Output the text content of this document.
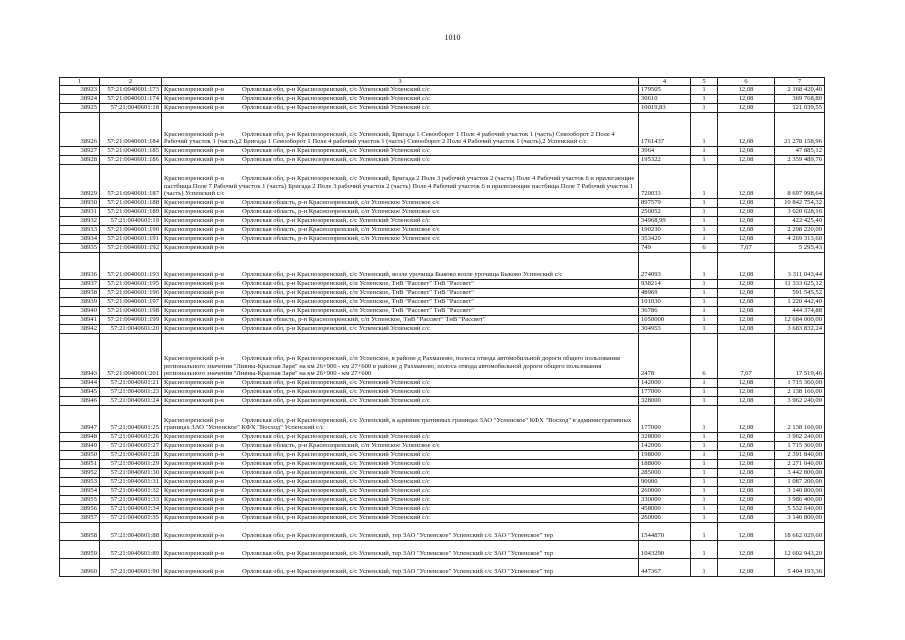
1010
1	2	3	4	5	6	7
38923	57:21:0040601:173	Краснозоренский р-н Орловская обл, р-н Краснозоренский, с/с Успенский Успенский с/с	179505	1	12,08	2 168 420,40
38924	57:21:0040601:174	Краснозоренский р-н Орловская обл, р-н Краснозоренский, с/с Успенский Успенский с/с	30610	1	12,08	369 768,80
38925	57:21:0040601:18	Краснозоренский р-н Орловская обл, р-н Краснозоренский, с/с Успенский Успенский с/с	10019,83	1	12,08	121 039,55
38926	57:21:0040601:184	Краснозоренский р-н Орловская обл, р-н Краснозоренский, с/с Успенский, Бригада 1 Севооборот 1 Поле 4 рабочий участок 1 (часть) Севооборот 2 Поле 4 Рабочий участок 1 (часть),2 Бригада 1 Севооборот 1 Поле 4 рабочий участок 1 (часть) Севооборот 2 Поле 4 Рабочий участок 1 (часть),2 Успенский с/с	1761437	1	12,08	21 278 158,96
38927	57:21:0040601:185	Краснозоренский р-н Орловская обл, р-н Краснозоренский, с/с Успенский Успенский с/с	3964	1	12,08	47 885,12
38928	57:21:0040601:186	Краснозоренский р-н Орловская обл, р-н Краснозоренский, с/с Успенский Успенский с/с	195322	1	12,08	2 359 489,76
38929	57:21:0040601:187	Краснозоренский р-н Орловская обл, р-н Краснозоренский, с/с Успенский, Бригада 2 Поле 3 рабочий участок 2 (часть) Поле 4 Рабочий участок 6 и прилегающие пастбища Поле 7 Рабочий участок 1 (часть) Бригада 2 Поле 3 рабочий участок 2 (часть) Поле 4 Рабочий участок 6 и прилегающие пастбища Поле 7 Рабочий участок 1 (часть) Успенский с/с	720033	1	12,08	8 697 998,64
38930	57:21:0040601:188	Краснозоренский р-н Орловская область, р-н Краснозоренский, с/п Успенское Успенское с/с	897579	1	12,08	10 842 754,32
38931	57:21:0040601:189	Краснозоренский р-н Орловская область, р-н Краснозоренский, с/п Успенское Успенское с/с	250052	1	12,08	3 020 628,16
38932	57:21:0040601:19	Краснозоренский р-н Орловская обл, р-н Краснозоренский, с/с Успенский Успенский с/с	34968,99	1	12,08	422 425,40
38933	57:21:0040601:190	Краснозоренский р-н Орловская область, р-н Краснозоренский, с/п Успенское Успенское с/с	190230	1	12,08	2 298 220,00
38934	57:21:0040601:191	Краснозоренский р-н Орловская область, р-н Краснозоренский, с/п Успенское Успенское с/с	353420	1	12,08	4 269 313,60
38935	57:21:0040601:192	Краснозоренский р-н	749	6	7,07	5 295,43
38936	57:21:0040601:193	Краснозоренский р-н Орловская обл, р-н Краснозоренский, с/с Успенский, возле урочища Быково возле урочища Быково Успенский с/с	274093	1	12,08	3 311 043,44
38937	57:21:0040601:195	Краснозоренский р-н Орловская обл, р-н Краснозоренский, с/п Успенское, ТнВ "Рассвет" ТнВ "Рассвет"	938214	1	12,08	11 333 625,12
38938	57:21:0040601:196	Краснозоренский р-н Орловская обл, р-н Краснозоренский, с/п Успенское, ТнВ "Рассвет" ТнВ "Рассвет"	48969	1	12,08	591 545,52
38939	57:21:0040601:197	Краснозоренский р-н Орловская обл, р-н Краснозоренский, с/п Успенское, ТнВ "Рассвет" ТнВ "Рассвет"	101030	1	12,08	1 220 442,40
38940	57:21:0040601:198	Краснозоренский р-н Орловская обл, р-н Краснозоренский, с/п Успенское, ТнВ "Рассвет" ТнВ "Рассвет"	36786	1	12,08	444 374,88
38941	57:21:0040601:199	Краснозоренский р-н Орловская область, р-н Краснозоренский, с/п Успенское, ТнВ "Рассвет" ТнВ "Рассвет"	1050000	1	12,08	12 684 000,00
38942	57:21:0040601:20	Краснозоренский р-н Орловская обл, р-н Краснозоренский, с/с Успенский Успенский с/с	304953	1	12,08	3 683 832,24
38943	57:21:0040601:201	Краснозоренский р-н Орловская обл, р-н Краснозоренский, с/п Успенское, в районе д Рахманово, полоса отвода автомобильной дороги общего пользования регионального значения "Ливны-Красная Заря" на км 26+900 - км 27+600 в районе д Рахманово, полоса отвода автомобильной дороги общего пользования регионального значения "Ливны-Красная Заря" на км 26+900 - км 27+600	2478	6	7,07	17 519,46
38944	57:21:0040601:21	Краснозоренский р-н Орловская обл, р-н Краснозоренский, с/с Успенский Успенский с/с	142000	1	12,08	1 715 360,00
38945	57:21:0040601:23	Краснозоренский р-н Орловская обл, р-н Краснозоренский, с/с Успенский Успенский с/с	177000	1	12,08	2 138 160,00
38946	57:21:0040601:24	Краснозоренский р-н Орловская обл, р-н Краснозоренский, с/с Успенский Успенский с/с	328000	1	12,08	3 962 240,00
38947	57:21:0040601:25	Краснозоренский р-н Орловская обл, р-н Краснозоренский, с/с Успенский, в административных границах ЗАО "Успенское" КФХ "Восход" в административных границах ЗАО "Успенское" КФХ "Восход" Успенский с/с	177000	1	12,08	2 138 160,00
38948	57:21:0040601:26	Краснозоренский р-н Орловская обл, р-н Краснозоренский, с/с Успенский Успенский с/с	328000	1	12,08	3 962 240,00
38949	57:21:0040601:27	Краснозоренский р-н Орловская область, р-н Краснозоренский, с/п Успенское Успенское с/с	142000	1	12,08	1 715 360,00
38950	57:21:0040601:28	Краснозоренский р-н Орловская обл, р-н Краснозоренский, с/с Успенский Успенский с/с	198000	1	12,08	2 391 840,00
38951	57:21:0040601:29	Краснозоренский р-н Орловская обл, р-н Краснозоренский, с/с Успенский Успенский с/с	188000	1	12,08	2 271 040,00
38952	57:21:0040601:30	Краснозоренский р-н Орловская обл, р-н Краснозоренский, с/с Успенский Успенский с/с	285000	1	12,08	3 442 800,00
38953	57:21:0040601:31	Краснозоренский р-н Орловская обл, р-н Краснозоренский, с/с Успенский Успенский с/с	90000	1	12,08	1 087 200,00
38954	57:21:0040601:32	Краснозоренский р-н Орловская обл, р-н Краснозоренский, с/с Успенский Успенский с/с	260000	1	12,08	3 140 800,00
38955	57:21:0040601:33	Краснозоренский р-н Орловская обл, р-н Краснозоренский, с/с Успенский Успенский с/с	330000	1	12,08	3 986 400,00
38956	57:21:0040601:34	Краснозоренский р-н Орловская обл, р-н Краснозоренский, с/с Успенский Успенский с/с	458000	1	12,08	5 532 640,00
38957	57:21:0040601:35	Краснозоренский р-н Орловская обл, р-н Краснозоренский, с/с Успенский Успенский с/с	260000	1	12,08	3 140 800,00
38958	57:21:0040601:88	Краснозоренский р-н Орловская обл, р-н Краснозоренский, с/с Успенский, тер ЗАО "Успенское" Успенский с/с ЗАО "Успенское" тер	1544870	1	12,08	18 662 029,60
38959	57:21:0040601:89	Краснозоренский р-н Орловская обл, р-н Краснозоренский, с/с Успенский, тер ЗАО "Успенское" Успенский с/с ЗАО "Успенское" тер	1043290	1	12,08	12 602 943,20
38960	57:21:0040601:90	Краснозоренский р-н Орловская обл, р-н Краснозоренский, с/с Успенский, тер ЗАО "Успенское" Успенский с/с ЗАО "Успенское" тер	447367	1	12,08	5 404 193,36
